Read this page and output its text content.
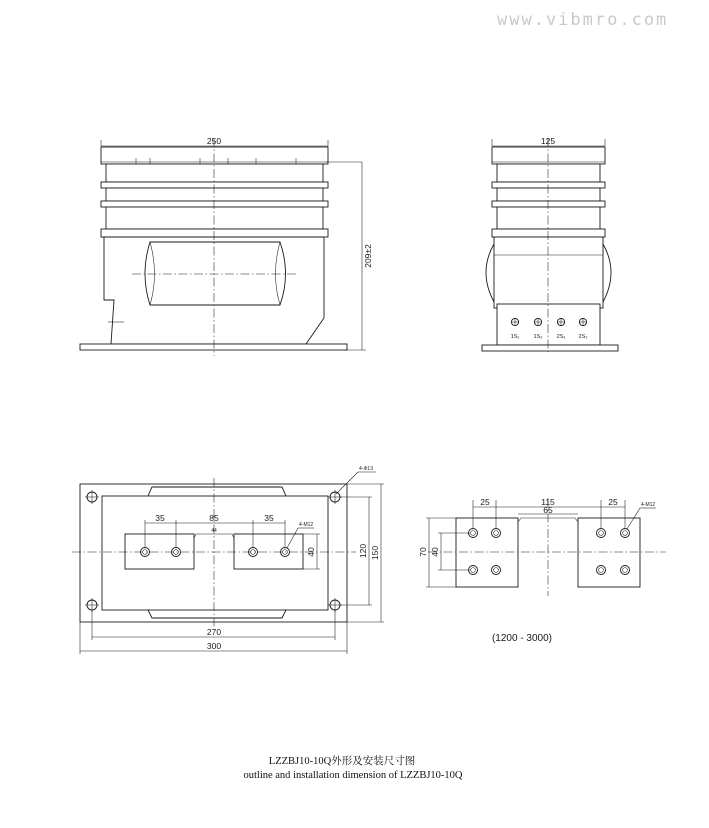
www.vibmro.com
250
209±2
125
1S₁	1S₂	2S₁ 2S₂
4-Φ13
4-M12
35	85	35
44
40	120 150
270
300
25	115	25
65
70 40
4-M12
(1200 - 3000)
LZZBJ10-10Q外形及安装尺寸图
outline and installation dimension of LZZBJ10-10Q
